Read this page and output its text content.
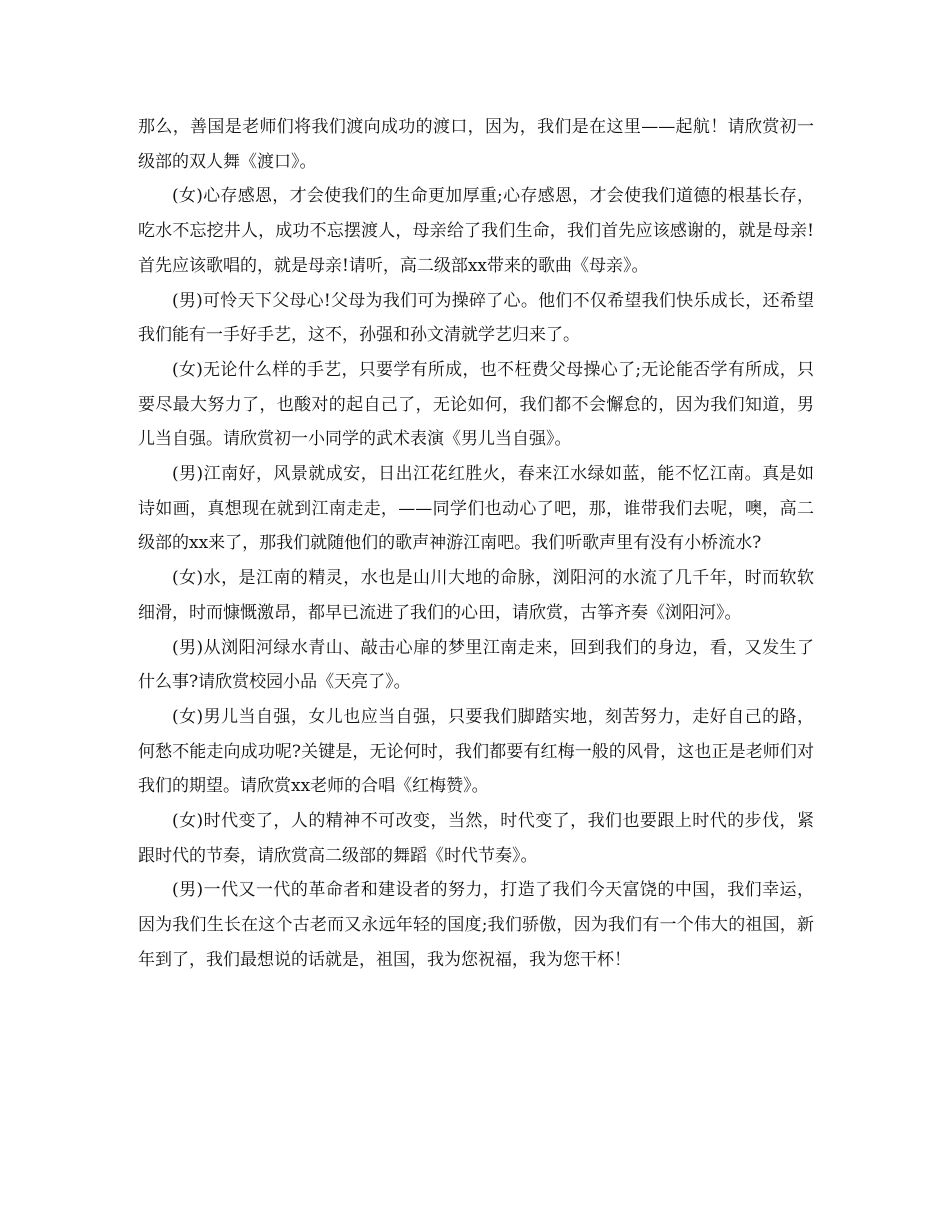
那么，善国是老师们将我们渡向成功的渡口，因为，我们是在这里——起航！请欣赏初一级部的双人舞《渡口》。

(女)心存感恩，才会使我们的生命更加厚重;心存感恩，才会使我们道德的根基长存，吃水不忘挖井人，成功不忘摆渡人，母亲给了我们生命，我们首先应该感谢的，就是母亲!首先应该歌唱的，就是母亲!请听，高二级部xx带来的歌曲《母亲》。

(男)可怜天下父母心!父母为我们可为操碎了心。他们不仅希望我们快乐成长，还希望我们能有一手好手艺，这不，孙强和孙文清就学艺归来了。

(女)无论什么样的手艺，只要学有所成，也不枉费父母操心了;无论能否学有所成，只要尽最大努力了，也酸对的起自己了，无论如何，我们都不会懈怠的，因为我们知道，男儿当自强。请欣赏初一小同学的武术表演《男儿当自强》。

(男)江南好，风景就成安，日出江花红胜火，春来江水绿如蓝，能不忆江南。真是如诗如画，真想现在就到江南走走，——同学们也动心了吧，那，谁带我们去呢，噢，高二级部的xx来了，那我们就随他们的歌声神游江南吧。我们听歌声里有没有小桥流水?

(女)水，是江南的精灵，水也是山川大地的命脉，浏阳河的水流了几千年，时而软软细滑，时而慷慨激昂，都早已流进了我们的心田，请欣赏，古筝齐奏《浏阳河》。

(男)从浏阳河绿水青山、敲击心扉的梦里江南走来，回到我们的身边，看，又发生了什么事?请欣赏校园小品《天亮了》。

(女)男儿当自强，女儿也应当自强，只要我们脚踏实地，刻苦努力，走好自己的路，何愁不能走向成功呢?关键是，无论何时，我们都要有红梅一般的风骨，这也正是老师们对我们的期望。请欣赏xx老师的合唱《红梅赞》。

(女)时代变了，人的精神不可改变，当然，时代变了，我们也要跟上时代的步伐，紧跟时代的节奏，请欣赏高二级部的舞蹈《时代节奏》。

(男)一代又一代的革命者和建设者的努力，打造了我们今天富饶的中国，我们幸运，因为我们生长在这个古老而又永远年轻的国度;我们骄傲，因为我们有一个伟大的祖国，新年到了，我们最想说的话就是，祖国，我为您祝福，我为您干杯！
